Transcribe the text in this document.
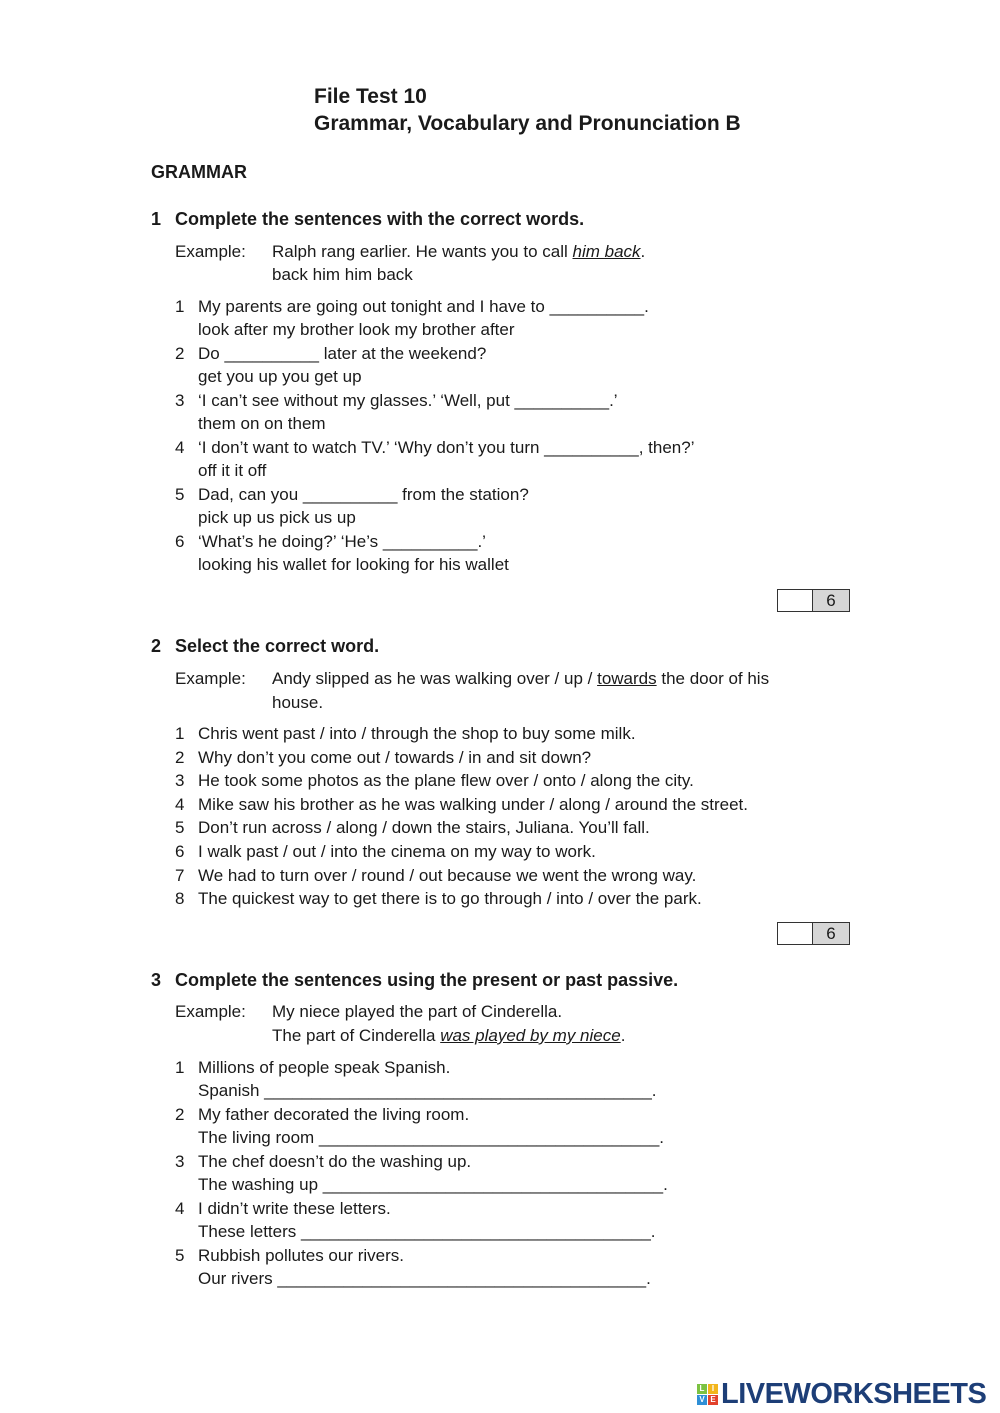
File Test 10
Grammar, Vocabulary and Pronunciation B
GRAMMAR
1 Complete the sentences with the correct words.
Example: Ralph rang earlier. He wants you to call him back.
back him him back
1 My parents are going out tonight and I have to __________.
look after my brother look my brother after
2 Do __________ later at the weekend?
get you up you get up
3 ‘I can’t see without my glasses.’ ‘Well, put __________.’
them on on them
4 ‘I don’t want to watch TV.’ ‘Why don’t you turn __________, then?’
off it it off
5 Dad, can you __________ from the station?
pick up us pick us up
6 ‘What’s he doing?’ ‘He’s __________.’
looking his wallet for looking for his wallet
6
2 Select the correct word.
Example: Andy slipped as he was walking over / up / towards the door of his
house.
1 Chris went past / into / through the shop to buy some milk.
2 Why don’t you come out / towards / in and sit down?
3 He took some photos as the plane flew over / onto / along the city.
4 Mike saw his brother as he was walking under / along / around the street.
5 Don’t run across / along / down the stairs, Juliana. You’ll fall.
6 I walk past / out / into the cinema on my way to work.
7 We had to turn over / round / out because we went the wrong way.
8 The quickest way to get there is to go through / into / over the park.
6
3 Complete the sentences using the present or past passive.
Example: My niece played the part of Cinderella.
The part of Cinderella was played by my niece.
1 Millions of people speak Spanish.
Spanish _________________________________________.
2 My father decorated the living room.
The living room ____________________________________.
3 The chef doesn’t do the washing up.
The washing up ____________________________________.
4 I didn’t write these letters.
These letters _____________________________________.
5 Rubbish pollutes our rivers.
Our rivers _______________________________________.
L I
V E LIVEWORKSHEETS
